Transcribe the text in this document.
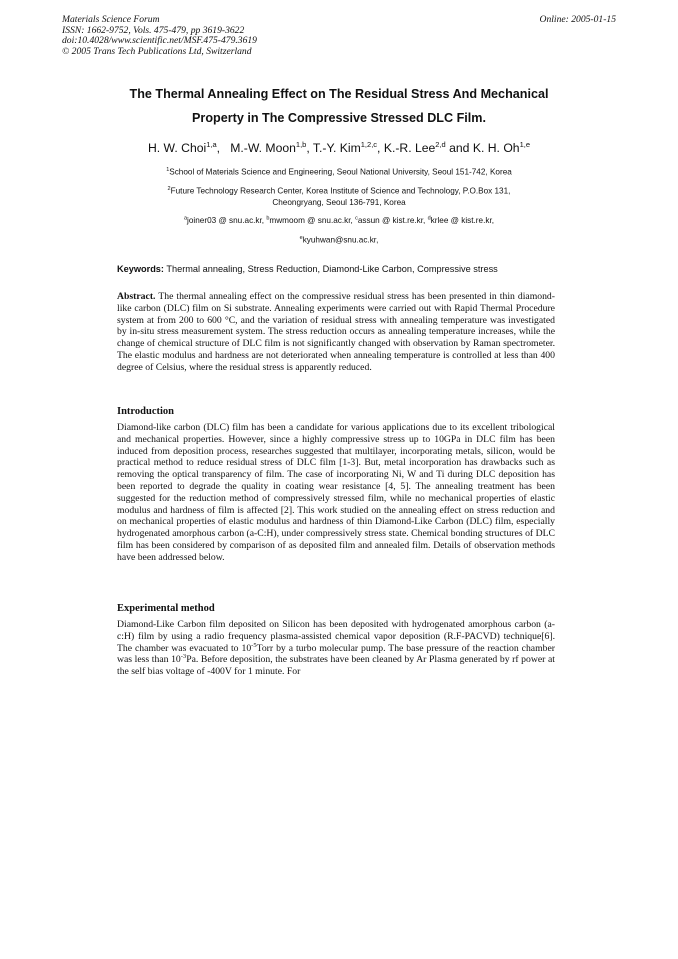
Materials Science Forum
ISSN: 1662-9752, Vols. 475-479, pp 3619-3622
doi:10.4028/www.scientific.net/MSF.475-479.3619
© 2005 Trans Tech Publications Ltd, Switzerland
Online: 2005-01-15
The Thermal Annealing Effect on The Residual Stress And Mechanical
Property in The Compressive Stressed DLC Film.
H. W. Choi$^{1,a}$,   M.-W. Moon$^{1,b}$, T.-Y. Kim$^{1,2,c}$, K.-R. Lee$^{2,d}$ and K. H. Oh$^{1,e}$
$^1$School of Materials Science and Engineering, Seoul National University, Seoul 151-742, Korea
$^2$Future Technology Research Center, Korea Institute of Science and Technology, P.O.Box 131,
Cheongryang, Seoul 136-791, Korea
$^a$joiner03 @ snu.ac.kr, $^b$mwmoom @ snu.ac.kr, $^c$assun @ kist.re.kr, $^d$krlee @ kist.re.kr,
$^e$kyuhwan@snu.ac.kr,
Keywords: Thermal annealing, Stress Reduction, Diamond-Like Carbon, Compressive stress

Abstract. The thermal annealing effect on the compressive residual stress has been presented in thin diamond-like carbon (DLC) film on Si substrate. Annealing experiments were carried out with Rapid Thermal Procedure system at from 200 to 600 °C, and the variation of residual stress with annealing temperature was investigated by in-situ stress measurement system. The stress reduction occurs as annealing temperature increases, while the change of chemical structure of DLC film is not significantly changed with observation by Raman spectrometer. The elastic modulus and hardness are not deteriorated when annealing temperature is controlled at less than 400 degree of Celsius, where the residual stress is apparently reduced.

Introduction

Diamond-like carbon (DLC) film has been a candidate for various applications due to its excellent tribological and mechanical properties. However, since a highly compressive stress up to 10GPa in DLC film has been induced from deposition process, researches suggested that multilayer, incorporating metals, silicon, would be practical method to reduce residual stress of DLC film [1-3]. But, metal incorporation has drawbacks such as removing the optical transparency of film. The case of incorporating Ni, W and Ti during DLC deposition has been reported to degrade the quality in coating wear resistance [4, 5]. The annealing treatment has been suggested for the reduction method of compressively stressed film, while no mechanical properties of elastic modulus and hardness of film is affected [2]. This work studied on the annealing effect on stress reduction and on mechanical properties of elastic modulus and hardness of thin Diamond-Like Carbon (DLC) film, especially hydrogenated amorphous carbon (a-C:H), under compressively stress state. Chemical bonding structures of DLC film has been considered by comparison of as deposited film and annealed film. Details of observation methods have been addressed below.

Experimental method

Diamond-Like Carbon film deposited on Silicon has been deposited with hydrogenated amorphous carbon (a-c:H) film by using a radio frequency plasma-assisted chemical vapor deposition (R.F-PACVD) technique[6]. The chamber was evacuated to $10^{-5}Torr$ by a turbo molecular pump. The base pressure of the reaction chamber was less than $10^{-3}Pa$. Before deposition, the substrates have been cleaned by Ar Plasma generated by rf power at the self bias voltage of -400V for 1 minute. For
